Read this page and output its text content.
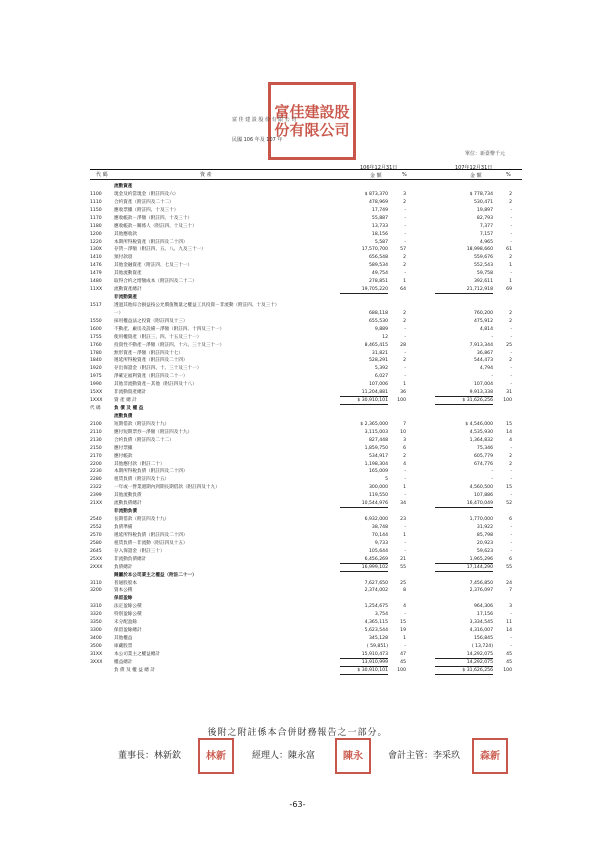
富佳建設股份有限公司
富 佳 建 設 股 份 有 限 公 司
民國 106 年及 107 年
單位：新臺幣千元
代 碼	資 產
106年12月31日	107年12月31日
金 額	%	金 額	%
流動資產
1100	現金及約當現金（附註四及六）	$ 873,370	3	$ 778,734	2
1110	合約資產（附註四及二十二）	478,969	2	530,471	2
1150	應收票據（附註四、十及三十）	17,749	-	19,897	-
1170	應收帳款－淨額（附註四、十及三十）	55,887	-	82,793	-
1180	應收帳款－關係人（附註四、十及三十）	13,733	-	7,377	-
1200	其他應收款	18,156	-	7,157	-
1220	本期所得稅資產（附註四及二十四）	5,587	-	4,965	-
130X	存貨－淨額（附註四、五、八、九及三十一）	17,570,700	57	18,998,660	61
1410	預付款項	656,548	2	559,676	2
1476	其他金融資產（附註四、七及三十一）	589,534	2	552,543	1
1479	其他流動資產	49,754	-	59,758	-
1480	取得合約之增額成本（附註四及二十二）	278,851	1	392,611	1
11XX	流動資產總計	19,705,220	64	21,712,918	69
非流動資產
1517	透過其他綜合損益按公允價值衡量之權益工具投資－非流動（附註四、十及三十）
一）	688,118	2	760,200	2
1550	採用權益法之投資（附註四及十三）	655,530	2	475,912	2
1600	不動產、廠房及設備－淨額（附註四、十四及三十一）	9,889	-	4,814	-
1755	使用權資產（附註三、四、十五及三十一）	12	-	-	-
1760	投資性不動產－淨額（附註四、十六、三十及三十一）	8,465,415	28	7,913,344	25
1780	無形資產－淨額（附註四及十七）	31,821	-	36,867	-
1840	遞延所得稅資產（附註四及二十四）	528,291	2	544,473	2
1920	存出保證金（附註四、十、三十及三十一）	5,392	-	4,794	-
1975	淨確定福利資產（附註四及二十一）	6,027	-	-	-
1990	其他非流動資產－其他（附註四及十八）	107,006	1	107,004	-
15XX	非流動資產總計	11,204,881	36	9,913,338	31
1XXX	資 產 總 計	$ 30,910,101	100	$ 31,626,256	100
代 碼	負 債 及 權 益
流動負債
2100	短期借款（附註四及十九）	$ 2,365,000	7	$ 4,546,000	15
2110	應付短期票券－淨額（附註四及十九）	3,115,003	10	4,535,930	14
2130	合約負債（附註四及二十二）	827,448	3	1,364,832	4
2150	應付票據	1,859,750	6	75,346	-
2170	應付帳款	534,917	2	605,779	2
2200	其他應付款（附註二十）	1,198,304	4	674,776	2
2230	本期所得稅負債（附註四及二十四）	165,009	-	-	-
2280	租賃負債（附註四及十五）	5	-	-	-
2322	一年或一營業週期內到期長期借款（附註四及十九）	300,000	1	4,560,500	15
2399	其他流動負債	119,550	-	107,886	-
21XX	流動負債總計	10,544,976	34	16,470,049	52
非流動負債
2540	長期借款（附註四及十九）	6,932,000	23	1,770,000	6
2552	負債準備	38,748	-	31,922	-
2570	遞延所得稅負債（附註四及二十四）	70,144	1	85,798	-
2580	租賃負債－非流動（附註四及十五）	9,733	-	20,923	-
2645	存入保證金（附註三十）	105,644	-	59,623	-
25XX	非流動負債總計	6,456,269	21	1,965,296	6
2XXX	負債總計	16,999,102	55	17,144,290	55
歸屬於本公司業主之權益（附註二十一）
3110	普通股股本	7,627,650	25	7,456,850	24
3200	資本公積	2,374,002	8	2,376,097	7
保留盈餘
3310	法定盈餘公積	1,254,675	4	964,306	3
3320	特別盈餘公積	3,754	-	17,156	-
3350	未分配盈餘	4,365,115	15	3,334,545	11
3300	保留盈餘總計	5,623,544	19	4,316,007	14
3400	其他權益	345,128	1	156,845	-
3500	庫藏股票	( 59,851)	-	( 13,724)	-
31XX	本公司業主之權益總計	15,910,473	47	14,292,075	45
3XXX	權益總計	13,910,999	45	14,292,075	45
負 債 及 權 益 總 計	$ 30,910,101	100	$ 31,626,256	100
後附之附註係本合併財務報告之一部分。
董事長：林新欽 林新	經理人：陳永富	陳永	會計主管：李采玖 森新
-63-
